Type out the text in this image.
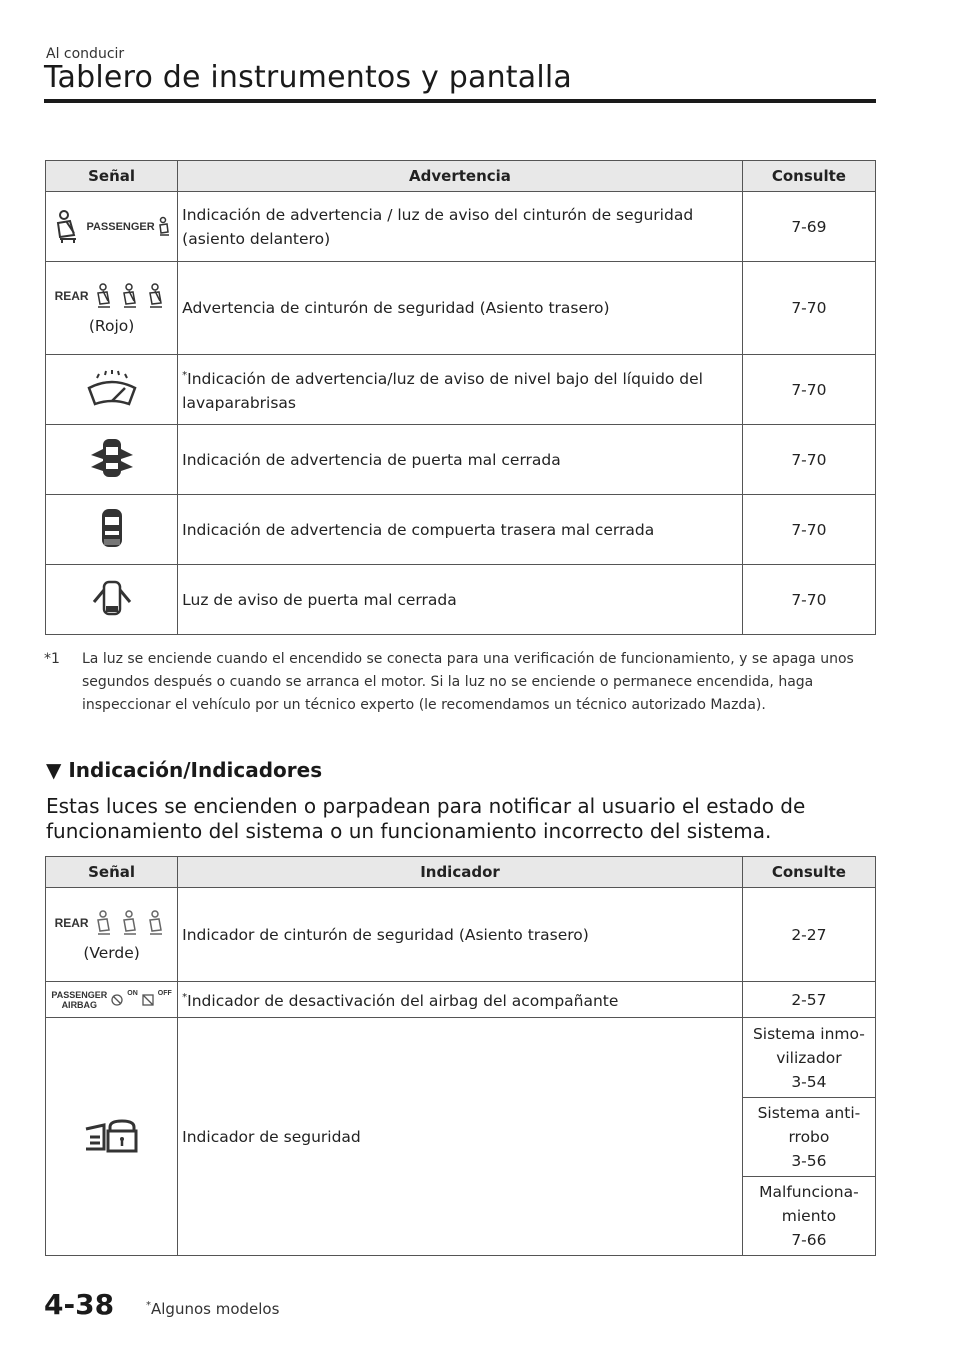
Al conducir
Tablero de instrumentos y pantalla
Señal	Advertencia	Consulte

PASSENGER	Indicación de advertencia / luz de aviso del cinturón de seguridad (asiento delantero)	7-69

REAR
(Rojo)	Advertencia de cinturón de seguridad (Asiento trasero)	7-70
	*Indicación de advertencia/luz de aviso de nivel bajo del líquido del lavaparabrisas	7-70
	Indicación de advertencia de puerta mal cerrada	7-70
	Indicación de advertencia de compuerta trasera mal cerrada	7-70
	Luz de aviso de puerta mal cerrada	7-70
*1 La luz se enciende cuando el encendido se conecta para una verificación de funcionamiento, y se apaga unos segundos después o cuando se arranca el motor. Si la luz no se enciende o permanece encendida, haga inspeccionar el vehículo por un técnico experto (le recomendamos un técnico autorizado Mazda).
▼ Indicación/Indicadores
Estas luces se encienden o parpadean para notificar al usuario el estado de funcionamiento del sistema o un funcionamiento incorrecto del sistema.
Señal	Indicador	Consulte

REAR
(Verde)	Indicador de cinturón de seguridad (Asiento trasero)	2-27

PASSENGER
AIRBAG
ON OFF	*Indicador de desactivación del airbag del acompañante	2-57
	Indicador de seguridad	Sistema inmo-
vilizador
3-54

		Sistema anti-
rrobo
3-56

		Malfunciona-
miento
7-66
4-38	*Algunos modelos
